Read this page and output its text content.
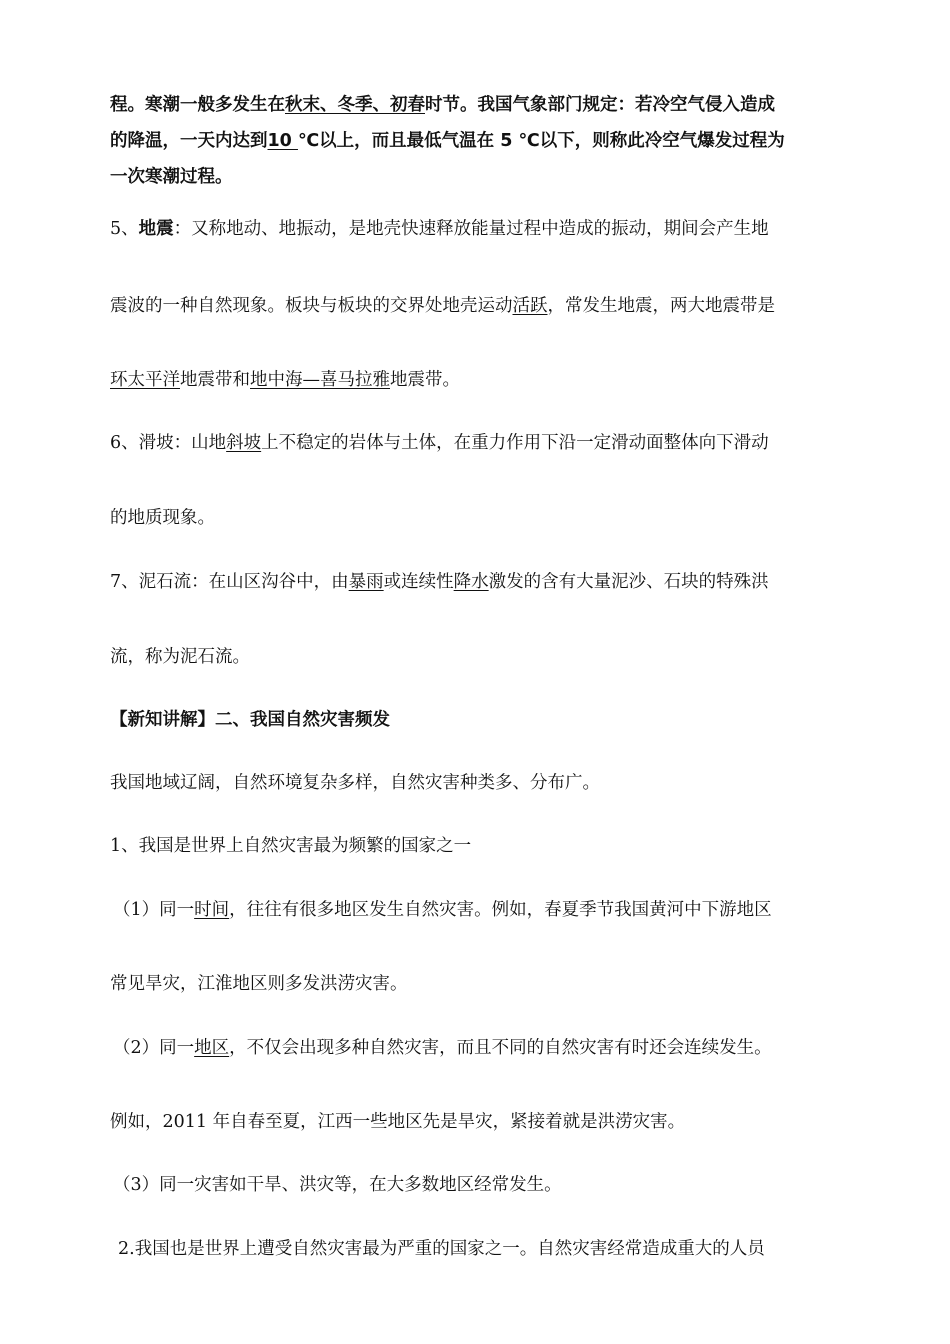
程。寒潮一般多发生在秋末、冬季、初春时节。我国气象部门规定：若冷空气侵入造成
的降温，一天内达到10 ℃以上，而且最低气温在 5 ℃以下，则称此冷空气爆发过程为
一次寒潮过程。
5、地震：又称地动、地振动，是地壳快速释放能量过程中造成的振动，期间会产生地
震波的一种自然现象。板块与板块的交界处地壳运动活跃，常发生地震，两大地震带是
环太平洋地震带和地中海—喜马拉雅地震带。
6、滑坡：山地斜坡上不稳定的岩体与土体，在重力作用下沿一定滑动面整体向下滑动
的地质现象。
7、泥石流：在山区沟谷中，由暴雨或连续性降水激发的含有大量泥沙、石块的特殊洪
流，称为泥石流。
【新知讲解】二、我国自然灾害频发
我国地域辽阔，自然环境复杂多样，自然灾害种类多、分布广。
1、我国是世界上自然灾害最为频繁的国家之一
（1）同一时间，往往有很多地区发生自然灾害。例如，春夏季节我国黄河中下游地区
常见旱灾，江淮地区则多发洪涝灾害。
（2）同一地区，不仅会出现多种自然灾害，而且不同的自然灾害有时还会连续发生。
例如，2011 年自春至夏，江西一些地区先是旱灾，紧接着就是洪涝灾害。
（3）同一灾害如干旱、洪灾等，在大多数地区经常发生。
2.我国也是世界上遭受自然灾害最为严重的国家之一。自然灾害经常造成重大的人员
